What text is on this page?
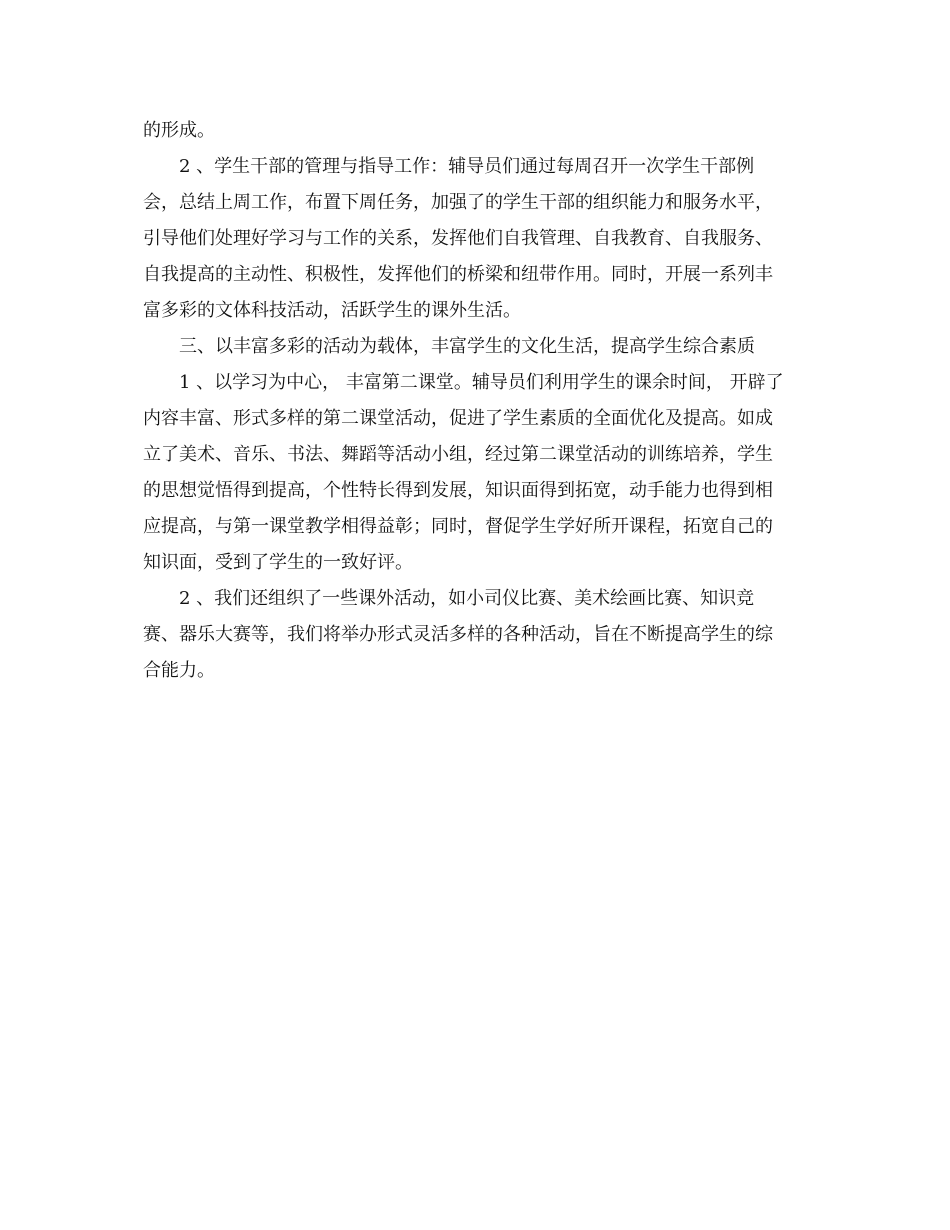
的形成。
2 、学生干部的管理与指导工作：辅导员们通过每周召开一次学生干部例
会，总结上周工作，布置下周任务，加强了的学生干部的组织能力和服务水平，
引导他们处理好学习与工作的关系，发挥他们自我管理、自我教育、自我服务、
自我提高的主动性、积极性，发挥他们的桥梁和纽带作用。同时，开展一系列丰
富多彩的文体科技活动，活跃学生的课外生活。
三、以丰富多彩的活动为载体，丰富学生的文化生活，提高学生综合素质
1 、以学习为中心， 丰富第二课堂。辅导员们利用学生的课余时间， 开辟了
内容丰富、形式多样的第二课堂活动，促进了学生素质的全面优化及提高。如成
立了美术、音乐、书法、舞蹈等活动小组，经过第二课堂活动的训练培养，学生
的思想觉悟得到提高，个性特长得到发展，知识面得到拓宽，动手能力也得到相
应提高，与第一课堂教学相得益彰；同时，督促学生学好所开课程，拓宽自己的
知识面，受到了学生的一致好评。
2 、我们还组织了一些课外活动，如小司仪比赛、美术绘画比赛、知识竞
赛、器乐大赛等，我们将举办形式灵活多样的各种活动，旨在不断提高学生的综
合能力。
